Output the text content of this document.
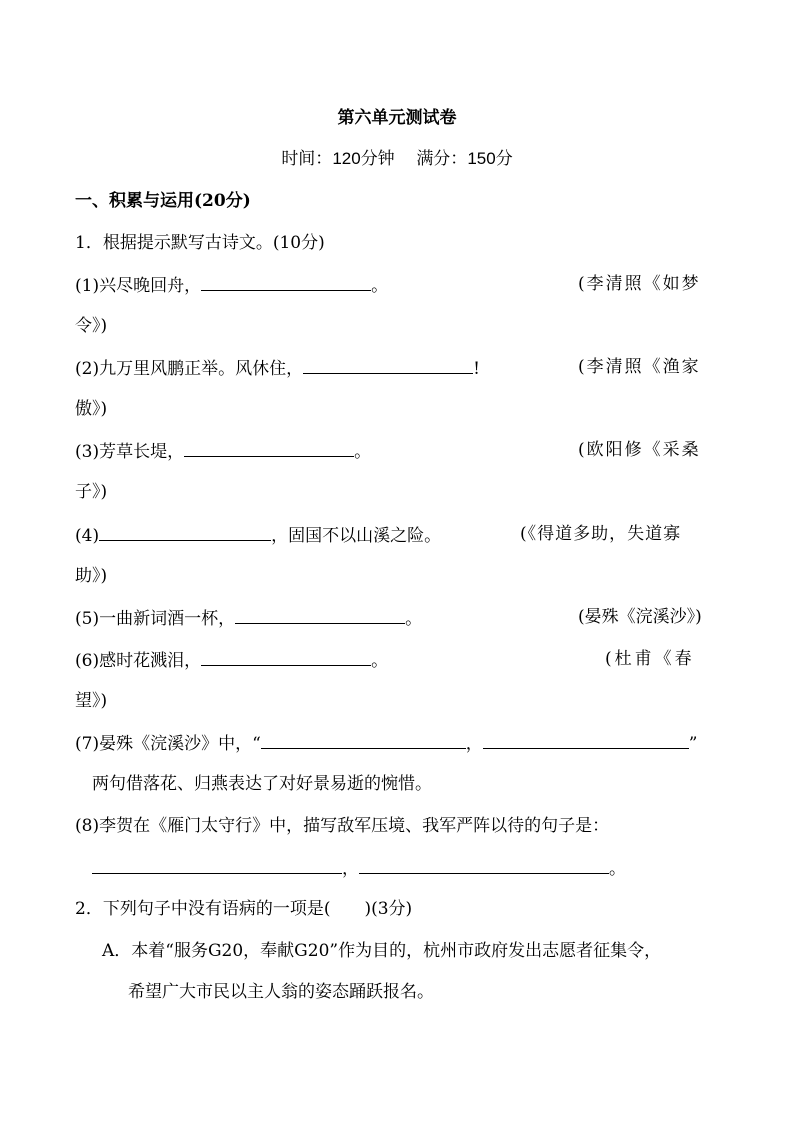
第六单元测试卷
时间：120分钟 满分：150分
一、积累与运用(20分)
1．根据提示默写古诗文。(10分)
(1)兴尽晚回舟，	。	(李清照《如梦
令》)
(2)九万里风鹏正举。风休住，	!	(李清照《渔家
傲》)
(3)芳草长堤，	。	(欧阳修《采桑
子》)
(4)	，固国不以山溪之险。	(《得道多助，失道寡
助》)
(5)一曲新词酒一杯，	。	(晏殊《浣溪沙》)
(6)感时花溅泪，	。	(杜甫《春
望》)
(7)晏殊《浣溪沙》中，“	，	”
两句借落花、归燕表达了对好景易逝的惋惜。
(8)李贺在《雁门太守行》中，描写敌军压境、我军严阵以待的句子是：
，	。
2．下列句子中没有语病的一项是(　　)(3分)
A．本着“服务G20，奉献G20”作为目的，杭州市政府发出志愿者征集令，
希望广大市民以主人翁的姿态踊跃报名。
